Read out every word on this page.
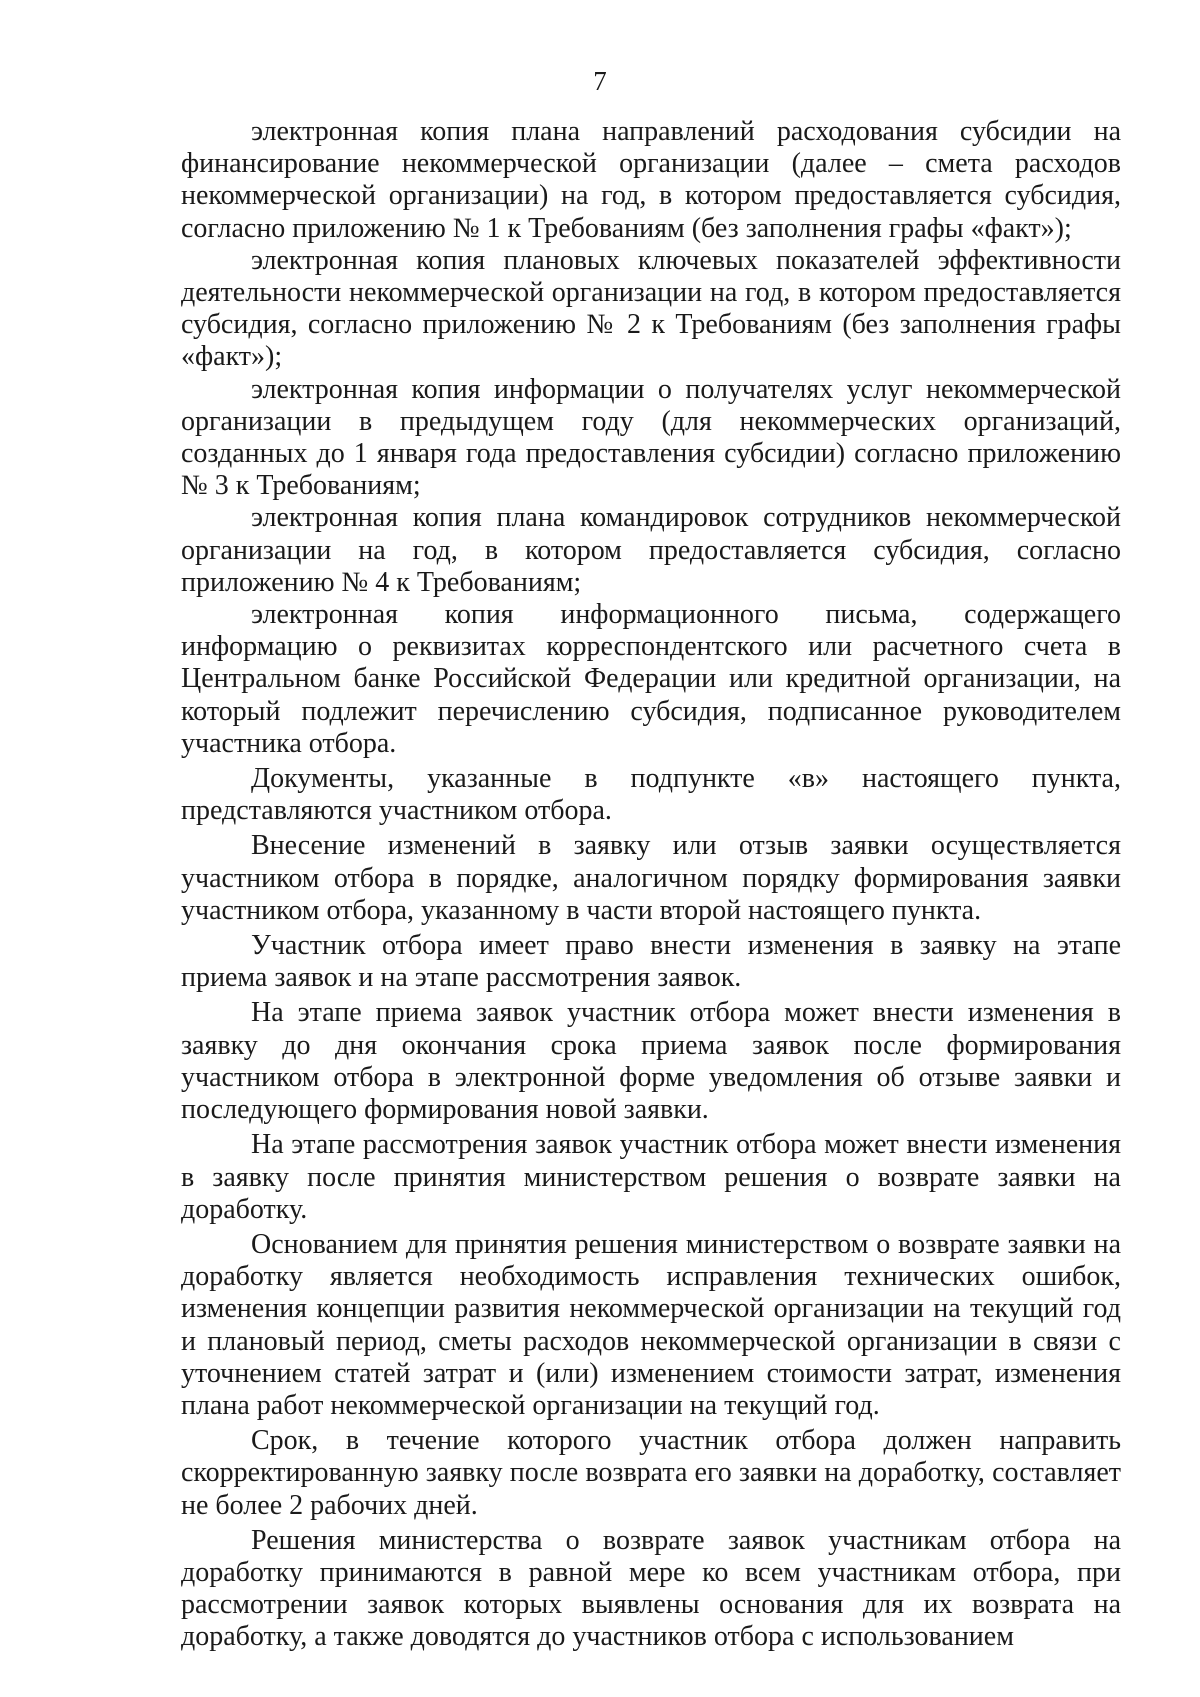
7

электронная копия плана направлений расходования субсидии на финансирование некоммерческой организации (далее – смета расходов некоммерческой организации) на год, в котором предоставляется субсидия, согласно приложению № 1 к Требованиям (без заполнения графы «факт»);

электронная копия плановых ключевых показателей эффективности деятельности некоммерческой организации на год, в котором предоставляется субсидия, согласно приложению № 2 к Требованиям (без заполнения графы «факт»);

электронная копия информации о получателях услуг некоммерческой организации в предыдущем году (для некоммерческих организаций, созданных до 1 января года предоставления субсидии) согласно приложению № 3 к Требованиям;

электронная копия плана командировок сотрудников некоммерческой организации на год, в котором предоставляется субсидия, согласно приложению № 4 к Требованиям;

электронная копия информационного письма, содержащего информацию о реквизитах корреспондентского или расчетного счета в Центральном банке Российской Федерации или кредитной организации, на который подлежит перечислению субсидия, подписанное руководителем участника отбора.

Документы, указанные в подпункте «в» настоящего пункта, представляются участником отбора.

Внесение изменений в заявку или отзыв заявки осуществляется участником отбора в порядке, аналогичном порядку формирования заявки участником отбора, указанному в части второй настоящего пункта.

Участник отбора имеет право внести изменения в заявку на этапе приема заявок и на этапе рассмотрения заявок.

На этапе приема заявок участник отбора может внести изменения в заявку до дня окончания срока приема заявок после формирования участником отбора в электронной форме уведомления об отзыве заявки и последующего формирования новой заявки.

На этапе рассмотрения заявок участник отбора может внести изменения в заявку после принятия министерством решения о возврате заявки на доработку.

Основанием для принятия решения министерством о возврате заявки на доработку является необходимость исправления технических ошибок, изменения концепции развития некоммерческой организации на текущий год и плановый период, сметы расходов некоммерческой организации в связи с уточнением статей затрат и (или) изменением стоимости затрат, изменения плана работ некоммерческой организации на текущий год.

Срок, в течение которого участник отбора должен направить скорректированную заявку после возврата его заявки на доработку, составляет не более 2 рабочих дней.

Решения министерства о возврате заявок участникам отбора на доработку принимаются в равной мере ко всем участникам отбора, при рассмотрении заявок которых выявлены основания для их возврата на доработку, а также доводятся до участников отбора с использованием
